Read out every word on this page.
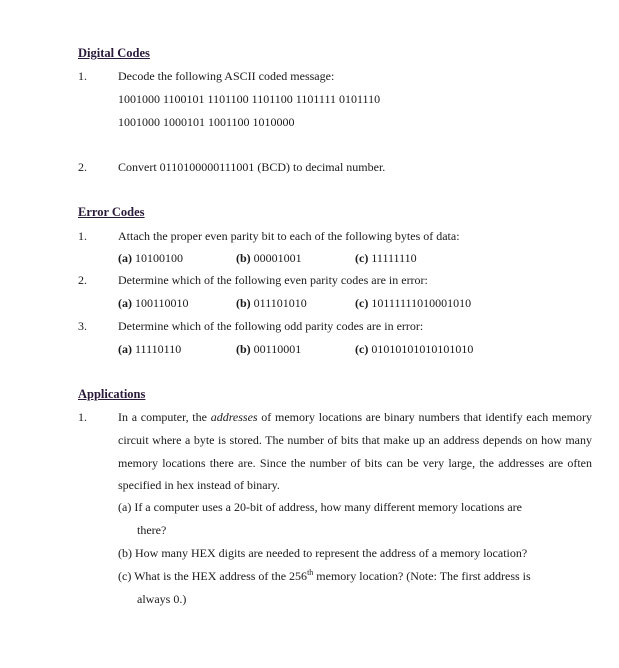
Digital Codes
1.	Decode the following ASCII coded message:
1001000 1100101 1101100 1101100 1101111 0101110
1001000 1000101 1001100 1010000
2.	Convert 0110100000111001 (BCD) to decimal number.
Error Codes
1.	Attach the proper even parity bit to each of the following bytes of data:
(a) 10100100	(b) 00001001	(c) 11111110
2.	Determine which of the following even parity codes are in error:
(a) 100110010	(b) 011101010	(c) 10111111010001010
3.	Determine which of the following odd parity codes are in error:
(a) 11110110	(b) 00110001	(c) 01010101010101010
Applications
1.	In a computer, the addresses of memory locations are binary numbers that identify each memory circuit where a byte is stored. The number of bits that make up an address depends on how many memory locations there are. Since the number of bits can be very large, the addresses are often specified in hex instead of binary.
(a) If a computer uses a 20-bit of address, how many different memory locations are
there?
(b) How many HEX digits are needed to represent the address of a memory location?
(c) What is the HEX address of the 256th memory location? (Note: The first address is
always 0.)
